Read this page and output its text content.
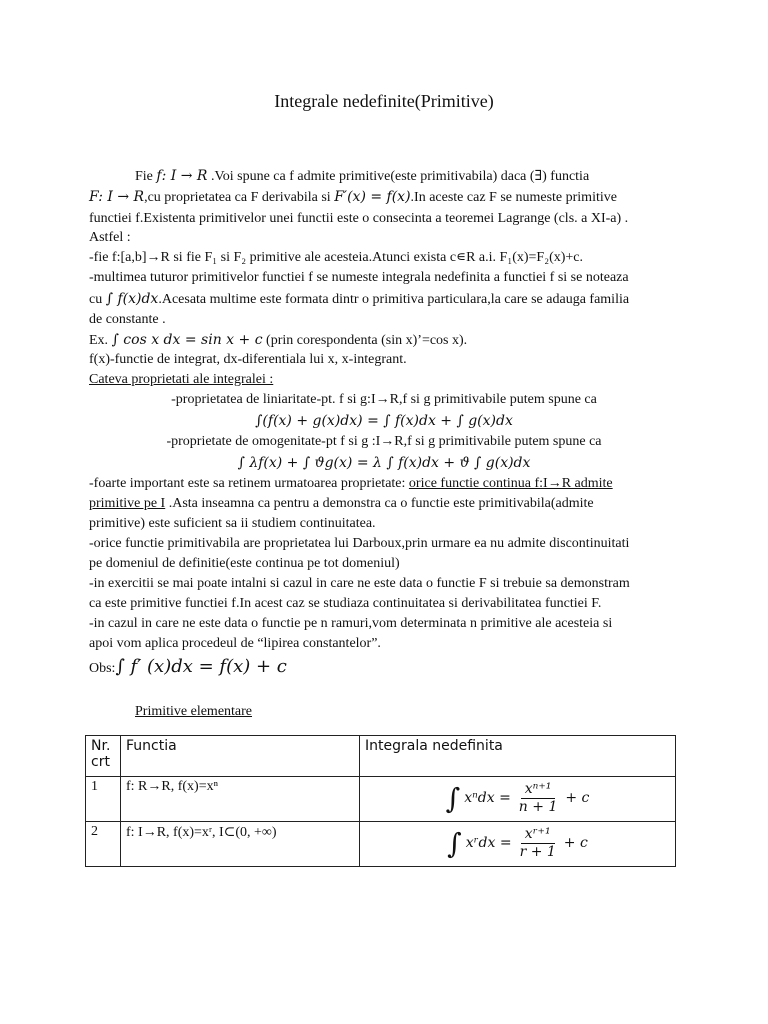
Integrale nedefinite(Primitive)
Fie f: I → R .Voi spune ca f admite primitive(este primitivabila) daca (∃) functia
F: I → R,cu proprietatea ca F derivabila si F′(x) = f(x).In aceste caz F se numeste primitive
functiei f.Existenta primitivelor unei functii este o consecinta a teoremei Lagrange (cls. a XI-a) .
Astfel :
-fie f:[a,b]→R si fie F₁ si F₂ primitive ale acesteia.Atunci exista c∊R a.i. F₁(x)=F₂(x)+c.
-multimea tuturor primitivelor functiei f se numeste integrala nedefinita a functiei f si se noteaza
cu ∫ f(x)dx.Acesata multime este formata dintr o primitiva particulara,la care se adauga familia
de constante .
Ex. ∫ cos x dx = sin x + c (prin corespondenta (sin x)’=cos x).
f(x)-functie de integrat, dx-diferentiala lui x, x-integrant.
Cateva proprietati ale integralei :
-proprietatea de liniaritate-pt. f si g:I→R,f si g primitivabile putem spune ca
∫(f(x) + g(x)dx) = ∫ f(x)dx + ∫ g(x)dx
-proprietate de omogenitate-pt f si g :I→R,f si g primitivabile putem spune ca
∫ λf(x) + ∫ ϑg(x) = λ ∫ f(x)dx + ϑ ∫ g(x)dx
-foarte important este sa retinem urmatoarea proprietate: orice functie continua f:I→R admite
primitive pe I .Asta inseamna ca pentru a demonstra ca o functie este primitivabila(admite
primitive) este suficient sa ii studiem continuitatea.
-orice functie primitivabila are proprietatea lui Darboux,prin urmare ea nu admite discontinuitati
pe domeniul de definitie(este continua pe tot domeniul)
-in exercitii se mai poate intalni si cazul in care ne este data o functie F si trebuie sa demonstram
ca este primitive functiei f.In acest caz se studiaza continuitatea si derivabilitatea functiei F.
-in cazul in care ne este data o functie pe n ramuri,vom determinata n primitive ale acesteia si
apoi vom aplica procedeul de “lipirea constantelor”.
Obs:∫ f′ (x)dx = f(x) + c
Primitive elementare
Nr. crt	Functia	Integrala nedefinita
1	f: R→R, f(x)=xⁿ	∫ $x^ndx = \frac{\text{xⁿ⁺¹}}{n + 1} + c$

2	f: I→R, f(x)=xʳ, I⊂(0, +∞)	∫ xʳdx = $\frac{\text{xʳ⁺¹}}{r + 1} + c$
